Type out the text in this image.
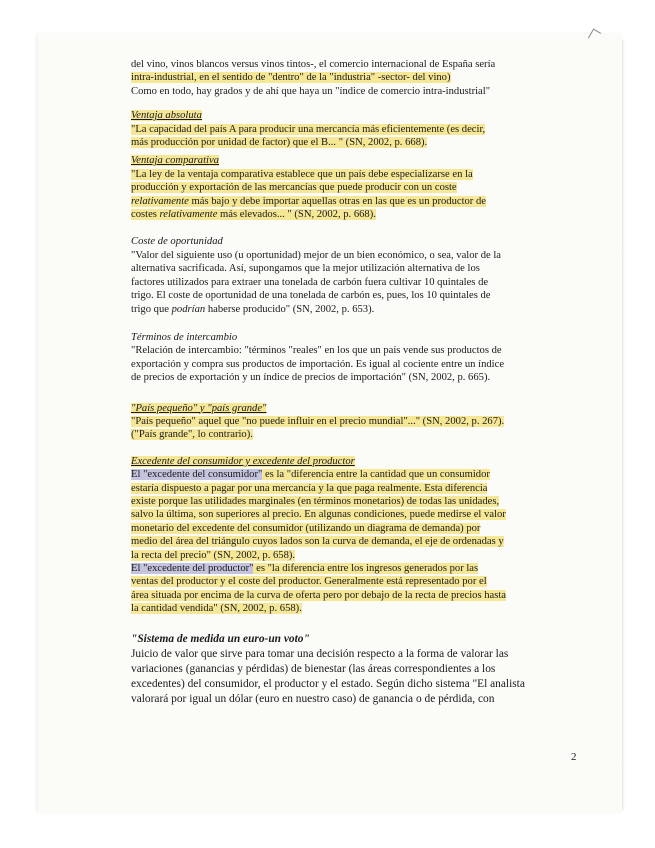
del vino, vinos blancos versus vinos tintos-, el comercio internacional de España sería

intra-industrial, en el sentido de "dentro" de la "industria" -sector- del vino)

Como en todo, hay grados y de ahí que haya un "índice de comercio intra-industrial"

Ventaja absoluta

"La capacidad del país A para producir una mercancía más eficientemente (es decir,

más producción por unidad de factor) que el B... " (SN, 2002, p. 668).

Ventaja comparativa

"La ley de la ventaja comparativa establece que un país debe especializarse en la

producción y exportación de las mercancías que puede producir con un coste

relativamente más bajo y debe importar aquellas otras en las que es un productor de

costes relativamente más elevados... " (SN, 2002, p. 668).

Coste de oportunidad

"Valor del siguiente uso (u oportunidad) mejor de un bien económico, o sea, valor de la

alternativa sacrificada. Así, supongamos que la mejor utilización alternativa de los

factores utilizados para extraer una tonelada de carbón fuera cultivar 10 quintales de

trigo. El coste de oportunidad de una tonelada de carbón es, pues, los 10 quintales de

trigo que podrían haberse producido" (SN, 2002, p. 653).

Términos de intercambio

"Relación de intercambio: "términos "reales" en los que un país vende sus productos de

exportación y compra sus productos de importación. Es igual al cociente entre un índice

de precios de exportación y un índice de precios de importación" (SN, 2002, p. 665).

"País pequeño" y "país grande"

"País pequeño" aquel que "no puede influir en el precio mundial"..." (SN, 2002, p. 267).

("País grande", lo contrario).

Excedente del consumidor y excedente del productor

El "excedente del consumidor" es la "diferencia entre la cantidad que un consumidor

estaría dispuesto a pagar por una mercancía y la que paga realmente. Esta diferencia

existe porque las utilidades marginales (en términos monetarios) de todas las unidades,

salvo la última, son superiores al precio. En algunas condiciones, puede medirse el valor

monetario del excedente del consumidor (utilizando un diagrama de demanda) por

medio del área del triángulo cuyos lados son la curva de demanda, el eje de ordenadas y

la recta del precio" (SN, 2002, p. 658).

El "excedente del productor" es "la diferencia entre los ingresos generados por las

ventas del productor y el coste del productor. Generalmente está representado por el

área situada por encima de la curva de oferta pero por debajo de la recta de precios hasta

la cantidad vendida" (SN, 2002, p. 658).

"Sistema de medida un euro-un voto"

Juicio de valor que sirve para tomar una decisión respecto a la forma de valorar las

variaciones (ganancias y pérdidas) de bienestar (las áreas correspondientes a los

excedentes) del consumidor, el productor y el estado. Según dicho sistema "El analista

valorará por igual un dólar (euro en nuestro caso) de ganancia o de pérdida, con

2
